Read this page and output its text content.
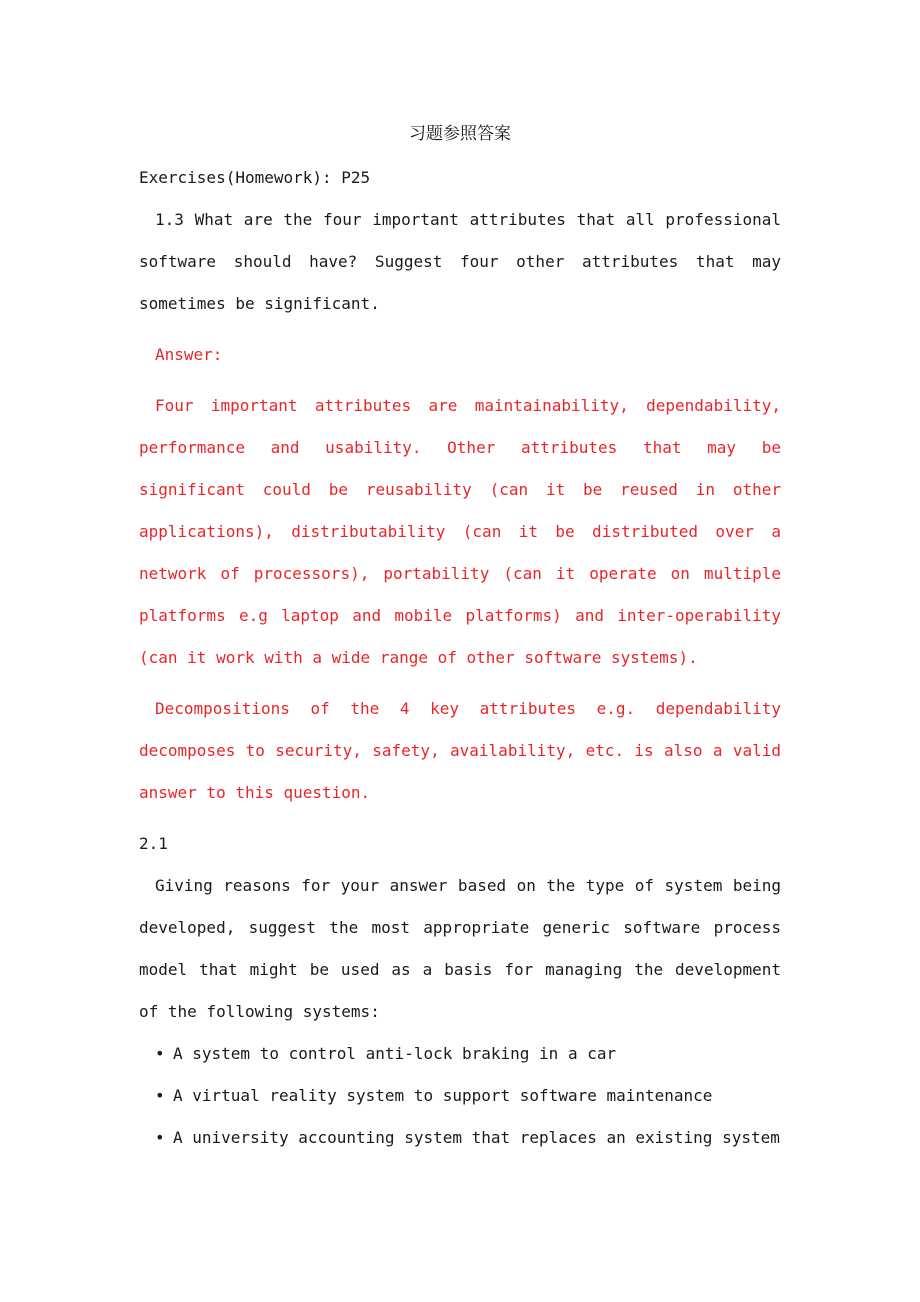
习题参照答案

Exercises(Homework): P25

1.3 What are the four important attributes that all professional software should have? Suggest four other attributes that may sometimes be significant.

Answer:

Four important attributes are maintainability, dependability, performance and usability. Other attributes that may be significant could be reusability (can it be reused in other applications), distributability (can it be distributed over a network of processors), portability (can it operate on multiple platforms e.g laptop and mobile platforms) and inter-operability (can it work with a wide range of other software systems).

Decompositions of the 4 key attributes e.g. dependability decomposes to security, safety, availability, etc. is also a valid answer to this question.

2.1

Giving reasons for your answer based on the type of system being developed, suggest the most appropriate generic software process model that might be used as a basis for managing the development of the following systems:

• A system to control anti-lock braking in a car
• A virtual reality system to support software maintenance
• A university accounting system that replaces an existing system
